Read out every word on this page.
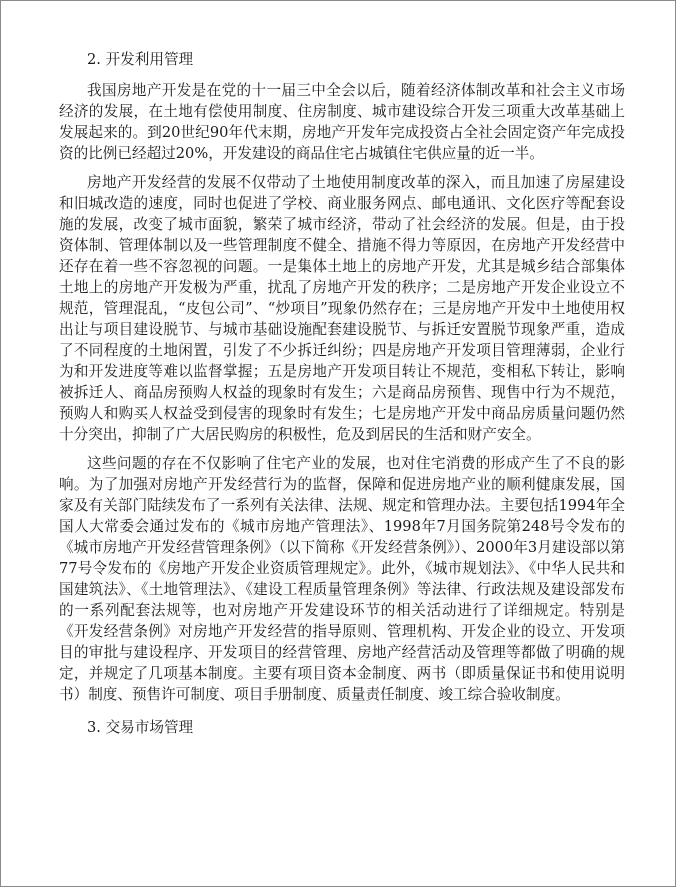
2. 开发利用管理

我国房地产开发是在党的十一届三中全会以后，随着经济体制改革和社会主义市场经济的发展，在土地有偿使用制度、住房制度、城市建设综合开发三项重大改革基础上发展起来的。到20世纪90年代末期，房地产开发年完成投资占全社会固定资产年完成投资的比例已经超过20%，开发建设的商品住宅占城镇住宅供应量的近一半。

房地产开发经营的发展不仅带动了土地使用制度改革的深入，而且加速了房屋建设和旧城改造的速度，同时也促进了学校、商业服务网点、邮电通讯、文化医疗等配套设施的发展，改变了城市面貌，繁荣了城市经济，带动了社会经济的发展。但是，由于投资体制、管理体制以及一些管理制度不健全、措施不得力等原因，在房地产开发经营中还存在着一些不容忽视的问题。一是集体土地上的房地产开发，尤其是城乡结合部集体土地上的房地产开发极为严重，扰乱了房地产开发的秩序；二是房地产开发企业设立不规范，管理混乱，“皮包公司”、“炒项目”现象仍然存在；三是房地产开发中土地使用权出让与项目建设脱节、与城市基础设施配套建设脱节、与拆迁安置脱节现象严重，造成了不同程度的土地闲置，引发了不少拆迁纠纷；四是房地产开发项目管理薄弱，企业行为和开发进度等难以监督掌握；五是房地产开发项目转让不规范，变相私下转让，影响被拆迁人、商品房预购人权益的现象时有发生；六是商品房预售、现售中行为不规范，预购人和购买人权益受到侵害的现象时有发生；七是房地产开发中商品房质量问题仍然十分突出，抑制了广大居民购房的积极性，危及到居民的生活和财产安全。

这些问题的存在不仅影响了住宅产业的发展，也对住宅消费的形成产生了不良的影响。为了加强对房地产开发经营行为的监督，保障和促进房地产业的顺利健康发展，国家及有关部门陆续发布了一系列有关法律、法规、规定和管理办法。主要包括1994年全国人大常委会通过发布的《城市房地产管理法》、1998年7月国务院第248号令发布的《城市房地产开发经营管理条例》（以下简称《开发经营条例》）、2000年3月建设部以第77号令发布的《房地产开发企业资质管理规定》。此外，《城市规划法》、《中华人民共和国建筑法》、《土地管理法》、《建设工程质量管理条例》等法律、行政法规及建设部发布的一系列配套法规等，也对房地产开发建设环节的相关活动进行了详细规定。特别是《开发经营条例》对房地产开发经营的指导原则、管理机构、开发企业的设立、开发项目的审批与建设程序、开发项目的经营管理、房地产经营活动及管理等都做了明确的规定，并规定了几项基本制度。主要有项目资本金制度、两书（即质量保证书和使用说明书）制度、预售许可制度、项目手册制度、质量责任制度、竣工综合验收制度。

3. 交易市场管理
